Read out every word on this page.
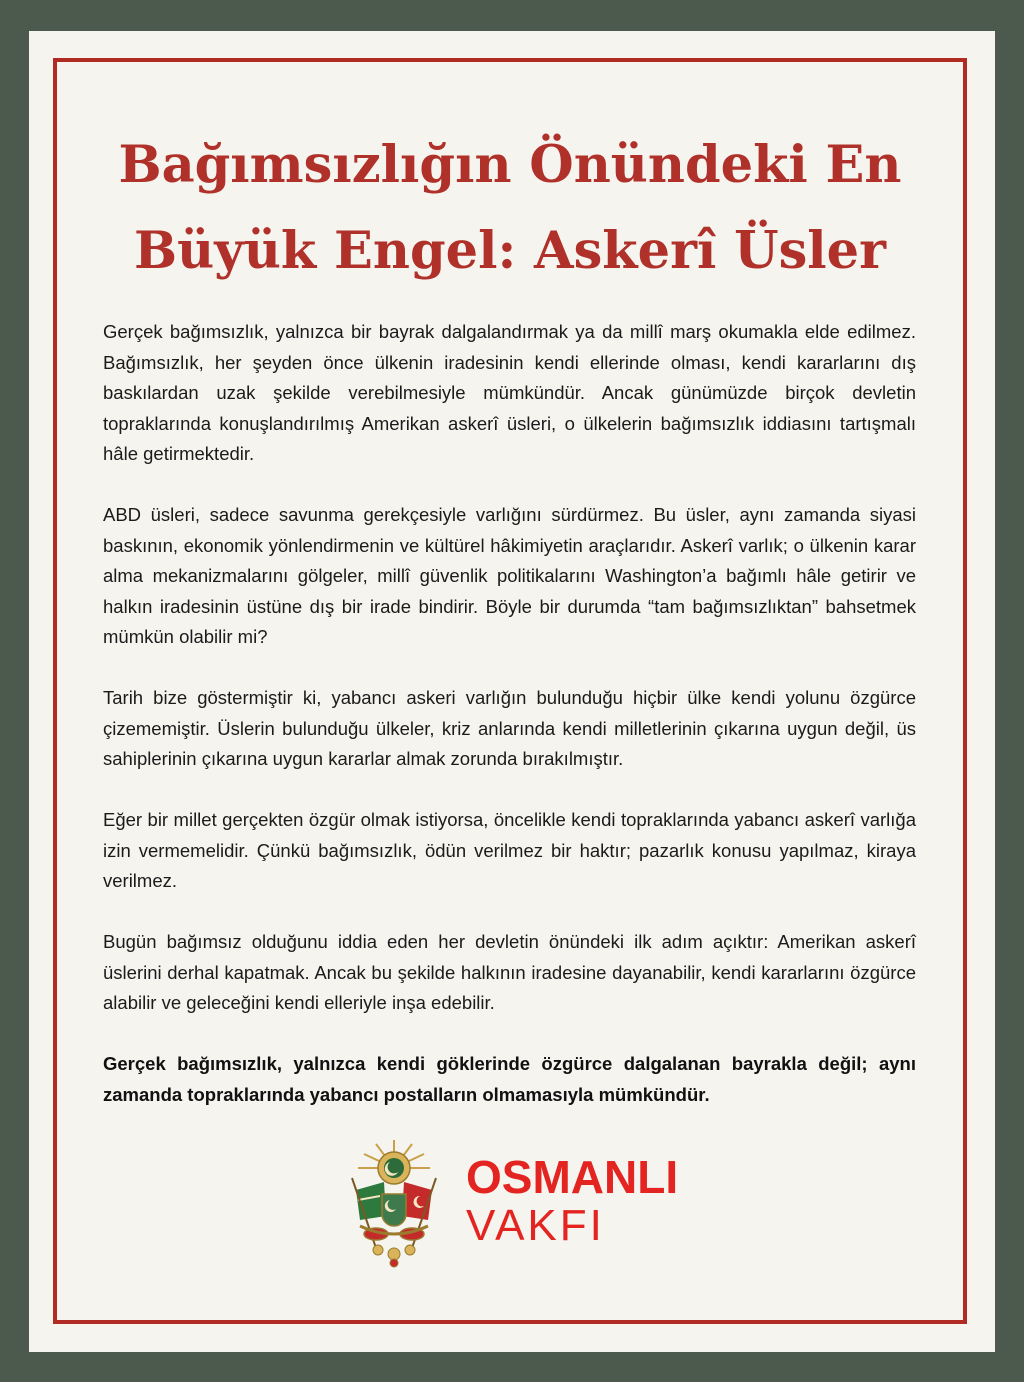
Bağımsızlığın Önündeki En
Büyük Engel: Askerî Üsler

Gerçek bağımsızlık, yalnızca bir bayrak dalgalandırmak ya da millî marş okumakla elde edilmez. Bağımsızlık, her şeyden önce ülkenin iradesinin kendi ellerinde olması, kendi kararlarını dış baskılardan uzak şekilde verebilmesiyle mümkündür. Ancak günümüzde birçok devletin topraklarında konuşlandırılmış Amerikan askerî üsleri, o ülkelerin bağımsızlık iddiasını tartışmalı hâle getirmektedir.

ABD üsleri, sadece savunma gerekçesiyle varlığını sürdürmez. Bu üsler, aynı zamanda siyasi baskının, ekonomik yönlendirmenin ve kültürel hâkimiyetin araçlarıdır. Askerî varlık; o ülkenin karar alma mekanizmalarını gölgeler, millî güvenlik politikalarını Washington’a bağımlı hâle getirir ve halkın iradesinin üstüne dış bir irade bindirir. Böyle bir durumda “tam bağımsızlıktan” bahsetmek mümkün olabilir mi?

Tarih bize göstermiştir ki, yabancı askeri varlığın bulunduğu hiçbir ülke kendi yolunu özgürce çizememiştir. Üslerin bulunduğu ülkeler, kriz anlarında kendi milletlerinin çıkarına uygun değil, üs sahiplerinin çıkarına uygun kararlar almak zorunda bırakılmıştır.

Eğer bir millet gerçekten özgür olmak istiyorsa, öncelikle kendi topraklarında yabancı askerî varlığa izin vermemelidir. Çünkü bağımsızlık, ödün verilmez bir haktır; pazarlık konusu yapılmaz, kiraya verilmez.

Bugün bağımsız olduğunu iddia eden her devletin önündeki ilk adım açıktır: Amerikan askerî üslerini derhal kapatmak. Ancak bu şekilde halkının iradesine dayanabilir, kendi kararlarını özgürce alabilir ve geleceğini kendi elleriyle inşa edebilir.

Gerçek bağımsızlık, yalnızca kendi göklerinde özgürce dalgalanan bayrakla değil; aynı zamanda topraklarında yabancı postalların olmamasıyla mümkündür.

OSMANLI
VAKFI
